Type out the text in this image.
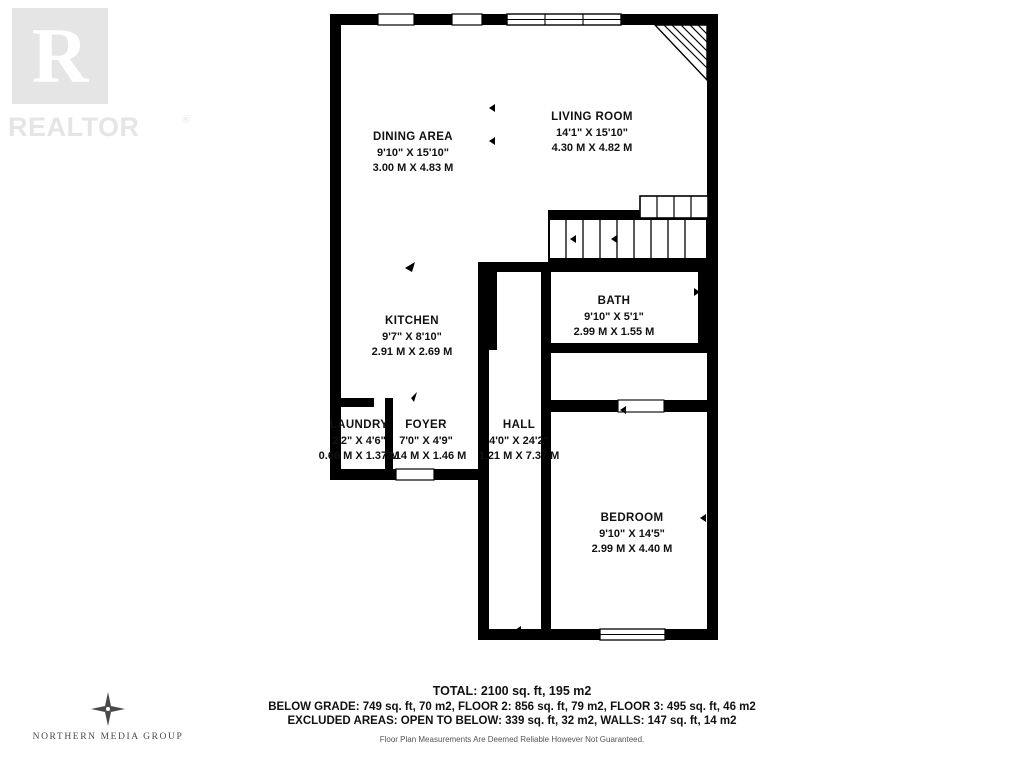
R
REALTOR	®
DINING AREA
9'10" X 15'10"
3.00 M X 4.83 M
LIVING ROOM
14'1" X 15'10"
4.30 M X 4.82 M
KITCHEN
9'7" X 8'10"
2.91 M X 2.69 M
BATH
9'10" X 5'1"
2.99 M X 1.55 M
LAUNDRY
2'2" X 4'6"
0.66 M X 1.37 M
FOYER
7'0" X 4'9"
2.14 M X 1.46 M
HALL
4'0" X 24'2"
1.21 M X 7.37 M
BEDROOM
9'10" X 14'5"
2.99 M X 4.40 M
TOTAL: 2100 sq. ft, 195 m2
BELOW GRADE: 749 sq. ft, 70 m2, FLOOR 2: 856 sq. ft, 79 m2, FLOOR 3: 495 sq. ft, 46 m2
EXCLUDED AREAS: OPEN TO BELOW: 339 sq. ft, 32 m2, WALLS: 147 sq. ft, 14 m2
Floor Plan Measurements Are Deemed Reliable However Not Guaranteed.
NORTHERN MEDIA GROUP
